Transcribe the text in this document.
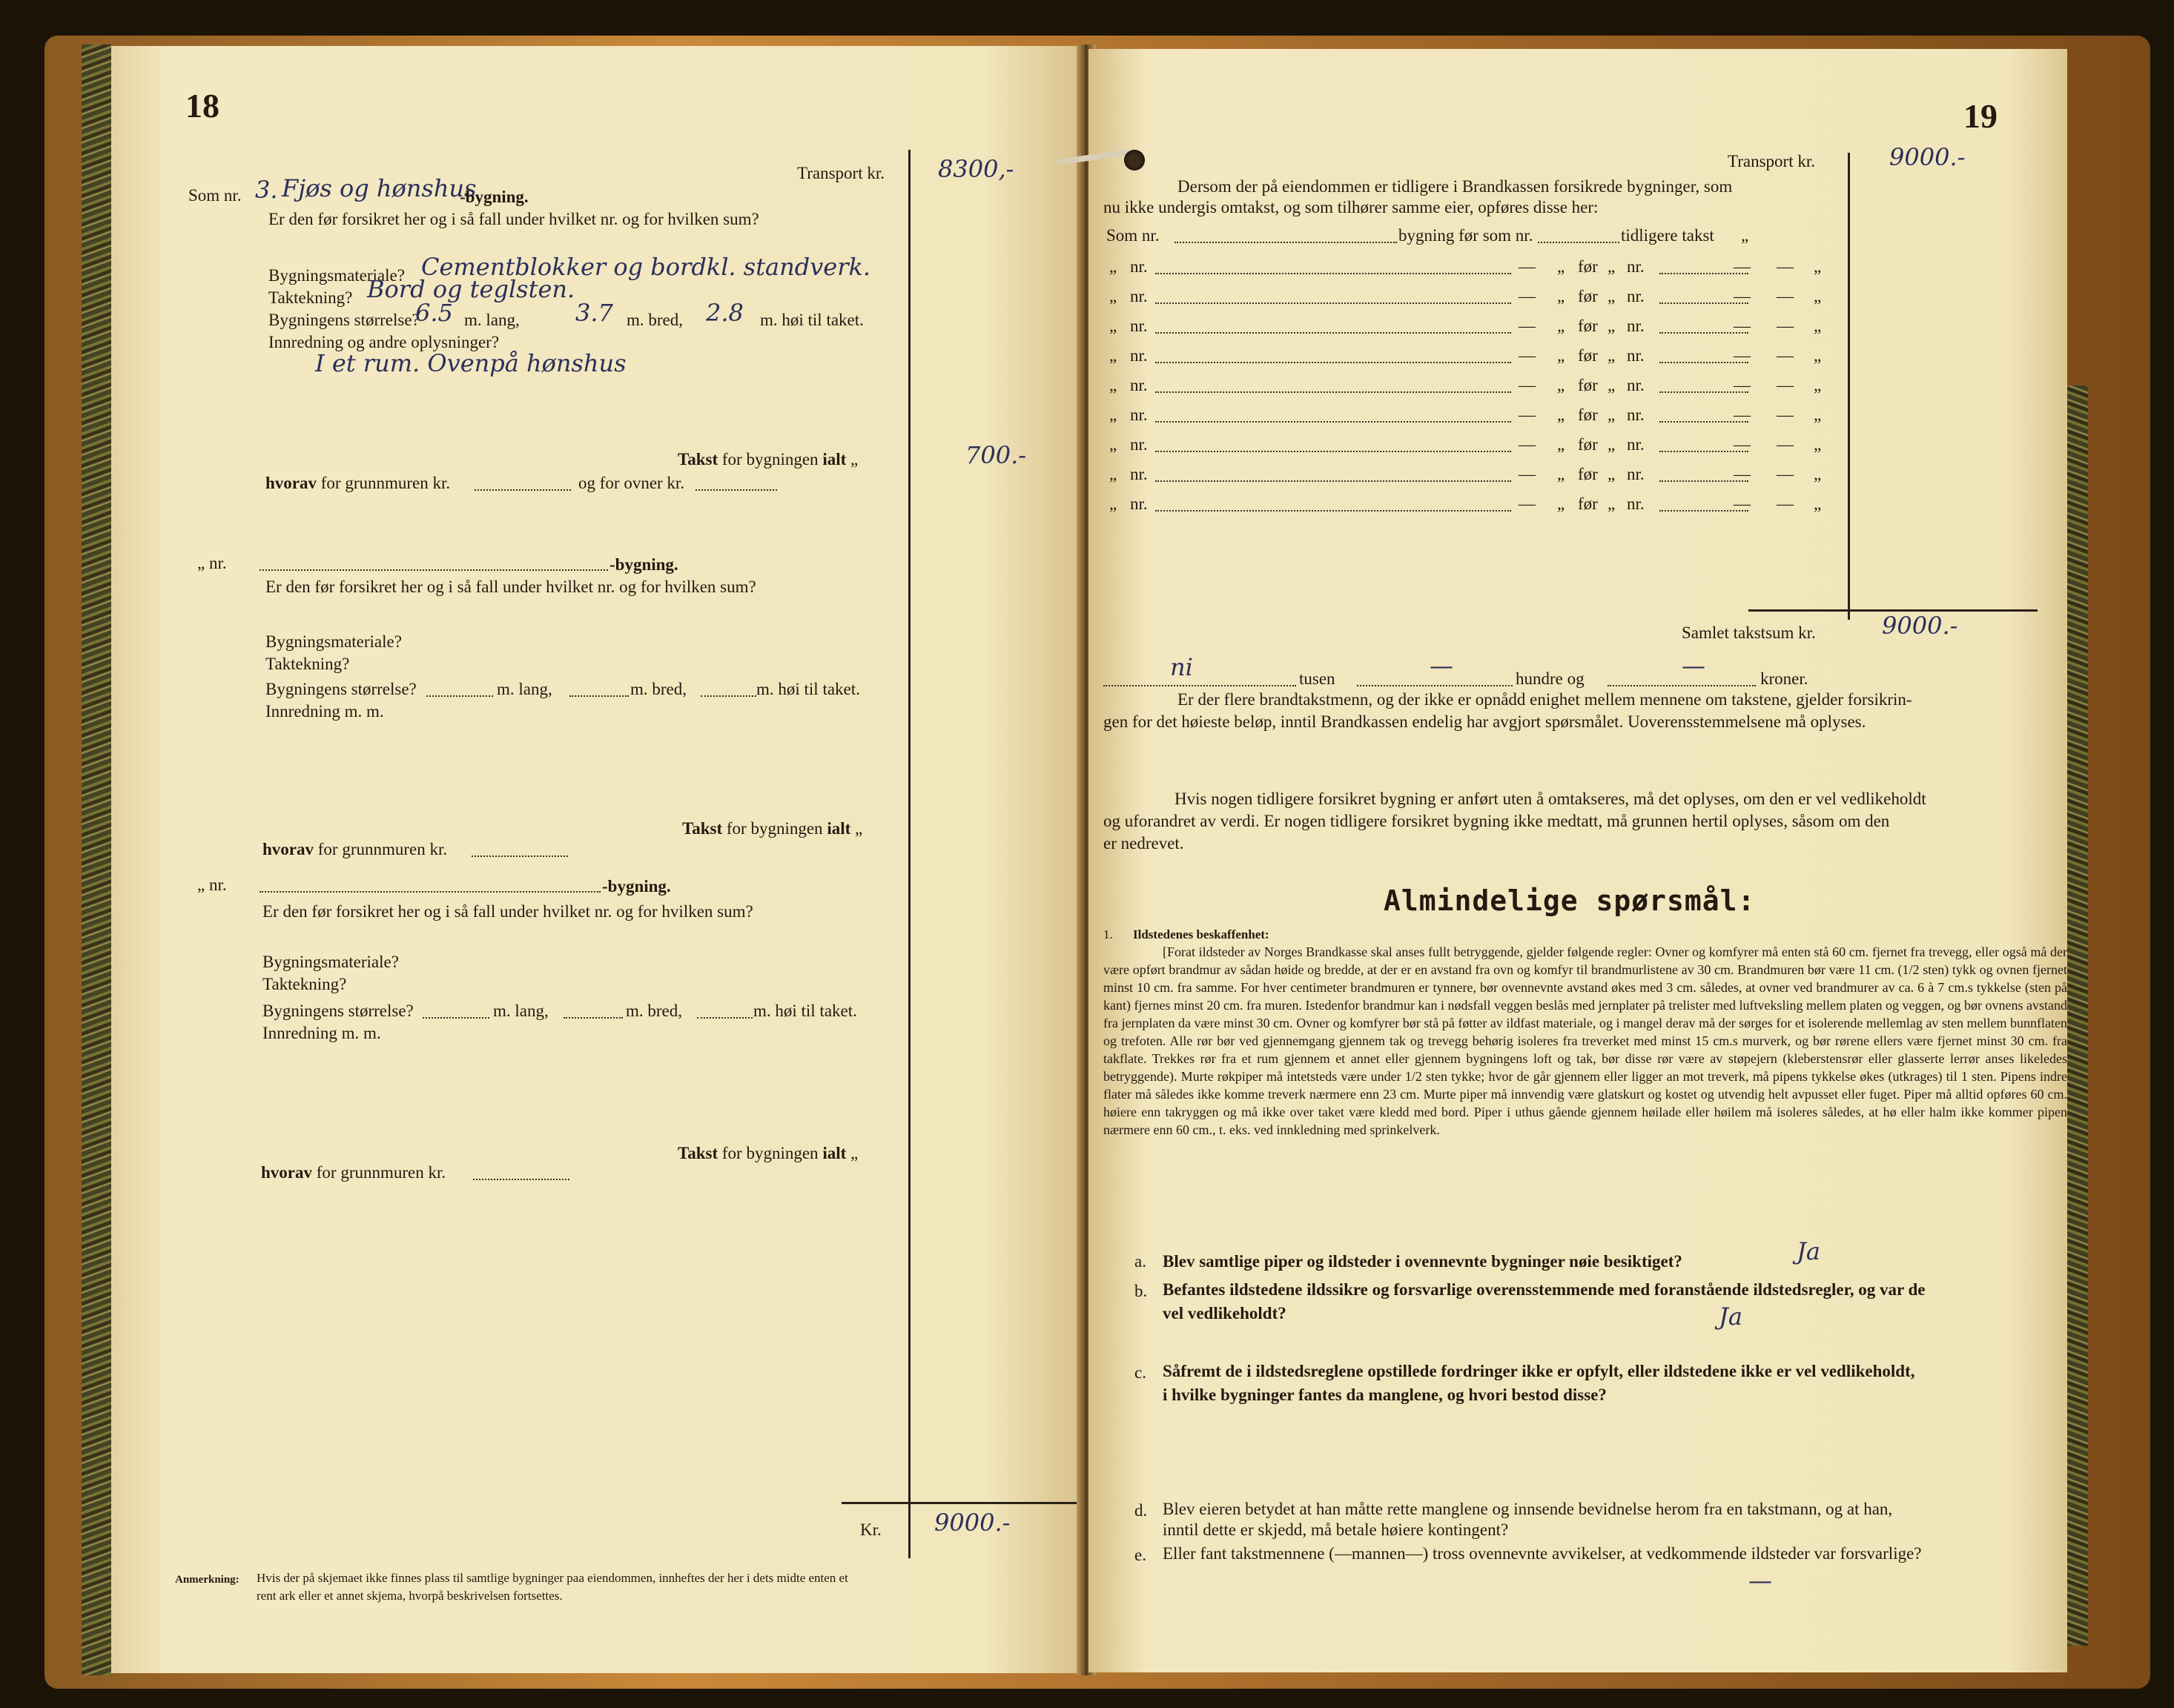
18
Transport kr. 8300,-
Som nr. 3. Fjøs og hønshus
-bygning.
Er den før forsikret her og i så fall under hvilket nr. og for hvilken sum?
Bygningsmateriale? Cementblokker og bordkl. standverk.
Taktekning? Bord og teglsten.
Bygningens størrelse?
6.5 m. lang, 3.7 m. bred, 2.8 m. høi til taket.
Innredning og andre oplysninger?
I et rum. Ovenpå hønshus
Takst for bygningen ialt „	700.-
hvorav for grunnmuren kr.	og for ovner kr.
„ nr.	-bygning.
Er den før forsikret her og i så fall under hvilket nr. og for hvilken sum?
Bygningsmateriale?
Taktekning?
Bygningens størrelse?	m. lang,	m. bred,	m. høi til taket.
Innredning m. m.
Takst for bygningen ialt „
hvorav for grunnmuren kr.
„ nr.	-bygning.
Er den før forsikret her og i så fall under hvilket nr. og for hvilken sum?
Bygningsmateriale?
Taktekning?
Bygningens størrelse?	m. lang,	m. bred,	m. høi til taket.
Innredning m. m.
Takst for bygningen ialt „
hvorav for grunnmuren kr.
Kr. 9000.-
Anmerkning: Hvis der på skjemaet ikke finnes plass til samtlige bygninger paa eiendommen, innheftes der her i dets midte enten et
rent ark eller et annet skjema, hvorpå beskrivelsen fortsettes.
19
Transport kr.	9000.-
Dersom der på eiendommen er tidligere i Brandkassen forsikrede bygninger, som
nu ikke undergis omtakst, og som tilhører samme eier, opføres disse her:
Som nr.	bygning før som nr.	tidligere takst „
„ nr.	— „ før „ nr.	— — „
„ nr.	— „ før „ nr.	— — „
„ nr.	— „ før „ nr.	— — „
„ nr.	— „ før „ nr.	— — „
„ nr.	— „ før „ nr.	— — „
„ nr.	— „ før „ nr.	— — „
„ nr.	— „ før „ nr.	— — „
„ nr.	— „ før „ nr.	— — „
„ nr.	— „ før „ nr.	— — „
Samlet takstsum kr.	9000.-
ni	tusen	—	hundre og	—	kroner.
Er der flere brandtakstmenn, og der ikke er opnådd enighet mellem mennene om takstene, gjelder forsikrin-
gen for det høieste beløp, inntil Brandkassen endelig har avgjort spørsmålet. Uoverensstemmelsene må oplyses.
Hvis nogen tidligere forsikret bygning er anført uten å omtakseres, må det oplyses, om den er vel vedlikeholdt
og uforandret av verdi. Er nogen tidligere forsikret bygning ikke medtatt, må grunnen hertil oplyses, såsom om den
er nedrevet.
Almindelige spørsmål:
1. Ildstedenes beskaffenhet:
[Forat ildsteder av Norges Brandkasse skal anses fullt betryggende, gjelder følgende regler: Ovner og komfyrer må enten stå 60 cm. fjernet fra trevegg, eller også må der være opført brandmur av sådan høide og bredde, at der er en avstand fra ovn og komfyr til brandmurlistene av 30 cm. Brandmuren bør være 11 cm. (1/2 sten) tykk og ovnen fjernet minst 10 cm. fra samme. For hver centimeter brandmuren er tynnere, bør ovennevnte avstand økes med 3 cm. således, at ovner ved brandmurer av ca. 6 à 7 cm.s tykkelse (sten på kant) fjernes minst 20 cm. fra muren. Istedenfor brandmur kan i nødsfall veggen beslås med jernplater på trelister med luftveksling mellem platen og veggen, og bør ovnens avstand fra jernplaten da være minst 30 cm. Ovner og komfyrer bør stå på føtter av ildfast materiale, og i mangel derav må der sørges for et isolerende mellemlag av sten mellem bunnflaten og trefoten. Alle rør bør ved gjennemgang gjennem tak og trevegg behørig isoleres fra treverket med minst 15 cm.s murverk, og bør rørene ellers være fjernet minst 30 cm. fra takflate. Trekkes rør fra et rum gjennem et annet eller gjennem bygningens loft og tak, bør disse rør være av støpejern (kleberstensrør eller glasserte lerrør anses likeledes betryggende). Murte røkpiper må intetsteds være under 1/2 sten tykke; hvor de går gjennem eller ligger an mot treverk, må pipens tykkelse økes (utkrages) til 1 sten. Pipens indre flater må således ikke komme treverk nærmere enn 23 cm. Murte piper må innvendig være glatskurt og kostet og utvendig helt avpusset eller fuget. Piper må alltid opføres 60 cm. høiere enn takryggen og må ikke over taket være kledd med bord. Piper i uthus gående gjennem høilade eller høilem må isoleres således, at hø eller halm ikke kommer pipen nærmere enn 60 cm., t. eks. ved innkledning med sprinkelverk.
a. Blev samtlige piper og ildsteder i ovennevnte bygninger nøie besiktiget?	Ja
b. Befantes ildstedene ildssikre og forsvarlige overensstemmende med foranstående ildstedsregler, og var de
vel vedlikeholdt?	Ja
c. Såfremt de i ildstedsreglene opstillede fordringer ikke er opfylt, eller ildstedene ikke er vel vedlikeholdt,
i hvilke bygninger fantes da manglene, og hvori bestod disse?
d. Blev eieren betydet at han måtte rette manglene og innsende bevidnelse herom fra en takstmann, og at han,
inntil dette er skjedd, må betale høiere kontingent?
e. Eller fant takstmennene (—mannen—) tross ovennevnte avvikelser, at vedkommende ildsteder var forsvarlige?
—
